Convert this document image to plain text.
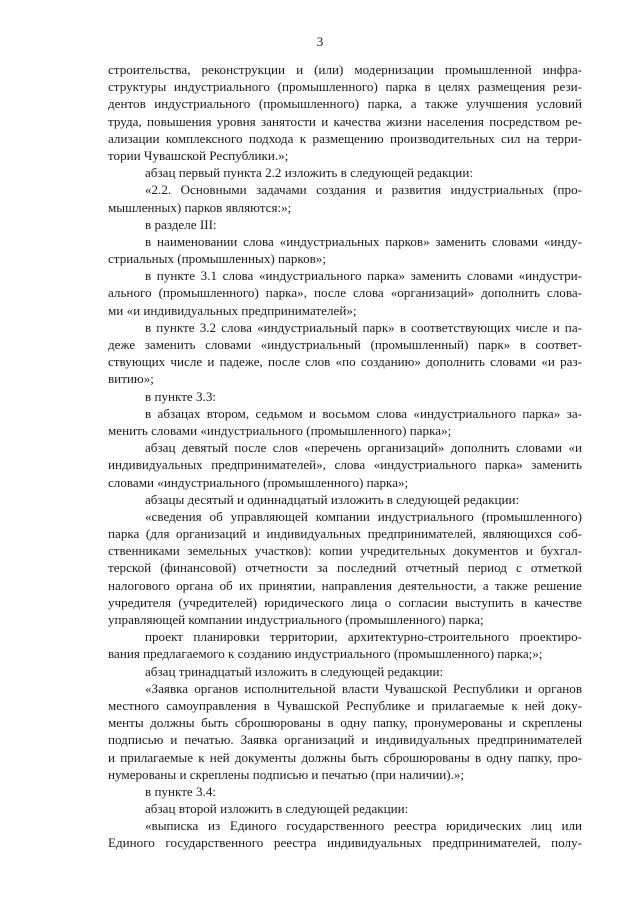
3
строительства, реконструкции и (или) модернизации промышленной инфра-
структуры индустриального (промышленного) парка в целях размещения рези-
дентов индустриального (промышленного) парка, а также улучшения условий
труда, повышения уровня занятости и качества жизни населения посредством ре-
ализации комплексного подхода к размещению производительных сил на терри-
тории Чувашской Республики.»;
абзац первый пункта 2.2 изложить в следующей редакции:
«2.2. Основными задачами создания и развития индустриальных (про-
мышленных) парков являются:»;
в разделе III:
в наименовании слова «индустриальных парков» заменить словами «инду-
стриальных (промышленных) парков»;
в пункте 3.1 слова «индустриального парка» заменить словами «индустри-
ального (промышленного) парка», после слова «организаций» дополнить слова-
ми «и индивидуальных предпринимателей»;
в пункте 3.2 слова «индустриальный парк» в соответствующих числе и па-
деже заменить словами «индустриальный (промышленный) парк» в соответ-
ствующих числе и падеже, после слов «по созданию» дополнить словами «и раз-
витию»;
в пункте 3.3:
в абзацах втором, седьмом и восьмом слова «индустриального парка» за-
менить словами «индустриального (промышленного) парка»;
абзац девятый после слов «перечень организаций» дополнить словами «и
индивидуальных предпринимателей», слова «индустриального парка» заменить
словами «индустриального (промышленного) парка»;
абзацы десятый и одиннадцатый изложить в следующей редакции:
«сведения об управляющей компании индустриального (промышленного)
парка (для организаций и индивидуальных предпринимателей, являющихся соб-
ственниками земельных участков): копии учредительных документов и бухгал-
терской (финансовой) отчетности за последний отчетный период с отметкой
налогового органа об их принятии, направления деятельности, а также решение
учредителя (учредителей) юридического лица о согласии выступить в качестве
управляющей компании индустриального (промышленного) парка;
проект планировки территории, архитектурно-строительного проектиро-
вания предлагаемого к созданию индустриального (промышленного) парка;»;
абзац тринадцатый изложить в следующей редакции:
«Заявка органов исполнительной власти Чувашской Республики и органов
местного самоуправления в Чувашской Республике и прилагаемые к ней доку-
менты должны быть сброшюрованы в одну папку, пронумерованы и скреплены
подписью и печатью. Заявка организаций и индивидуальных предпринимателей
и прилагаемые к ней документы должны быть сброшюрованы в одну папку, про-
нумерованы и скреплены подписью и печатью (при наличии).»;
в пункте 3.4:
абзац второй изложить в следующей редакции:
«выписка из Единого государственного реестра юридических лиц или
Единого государственного реестра индивидуальных предпринимателей, полу-
